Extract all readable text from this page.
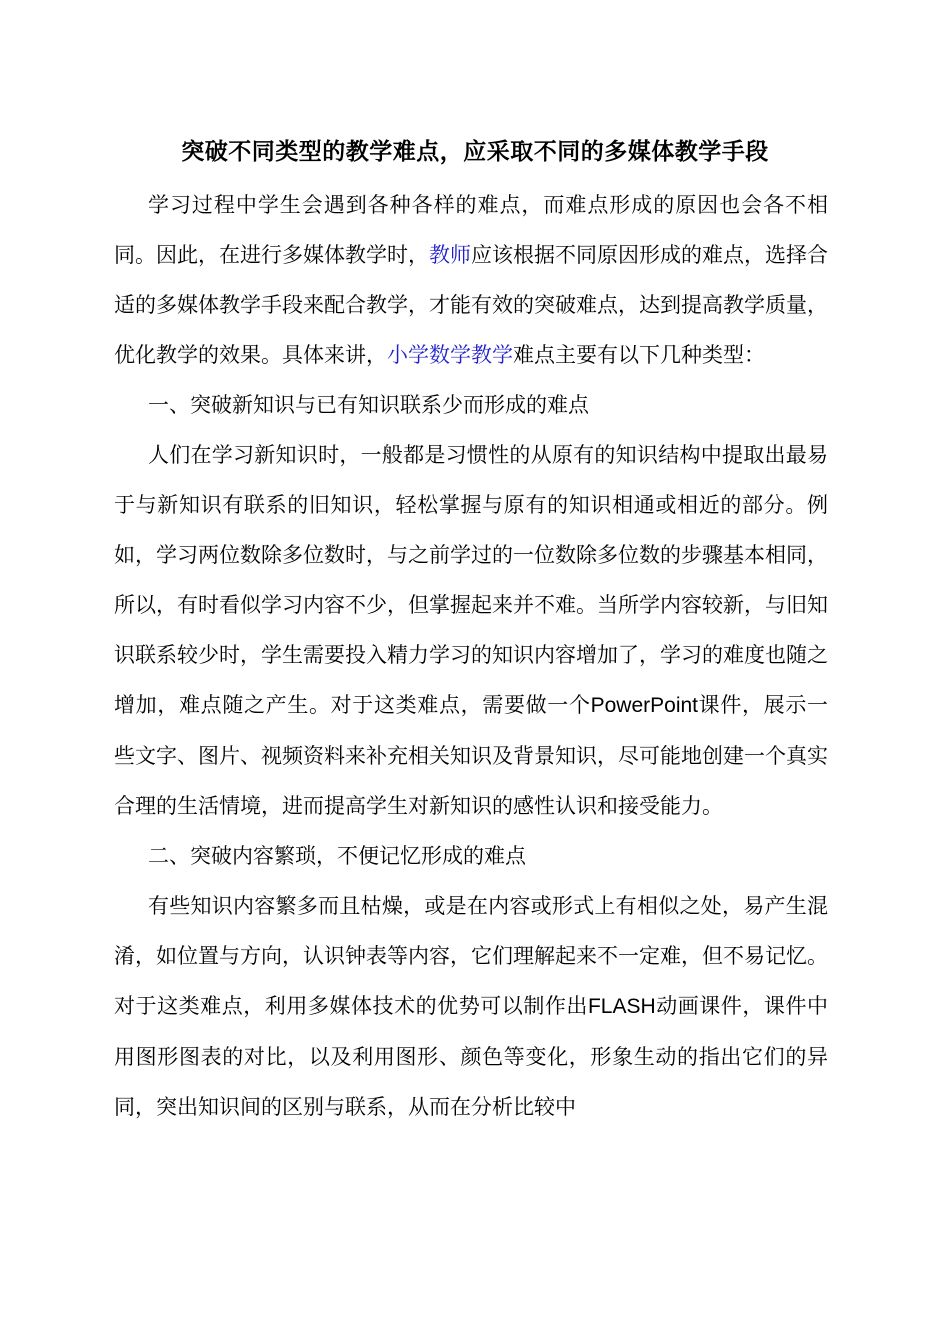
突破不同类型的教学难点，应采取不同的多媒体教学手段

学习过程中学生会遇到各种各样的难点，而难点形成的原因也会各不相同。因此，在进行多媒体教学时，教师应该根据不同原因形成的难点，选择合适的多媒体教学手段来配合教学，才能有效的突破难点，达到提高教学质量，优化教学的效果。具体来讲，小学数学教学难点主要有以下几种类型：

一、突破新知识与已有知识联系少而形成的难点

人们在学习新知识时，一般都是习惯性的从原有的知识结构中提取出最易于与新知识有联系的旧知识，轻松掌握与原有的知识相通或相近的部分。例如，学习两位数除多位数时，与之前学过的一位数除多位数的步骤基本相同，所以，有时看似学习内容不少，但掌握起来并不难。当所学内容较新，与旧知识联系较少时，学生需要投入精力学习的知识内容增加了，学习的难度也随之增加，难点随之产生。对于这类难点，需要做一个PowerPoint课件，展示一些文字、图片、视频资料来补充相关知识及背景知识，尽可能地创建一个真实合理的生活情境，进而提高学生对新知识的感性认识和接受能力。

二、突破内容繁琐，不便记忆形成的难点

有些知识内容繁多而且枯燥，或是在内容或形式上有相似之处，易产生混淆，如位置与方向，认识钟表等内容，它们理解起来不一定难，但不易记忆。对于这类难点，利用多媒体技术的优势可以制作出FLASH动画课件，课件中用图形图表的对比，以及利用图形、颜色等变化，形象生动的指出它们的异同，突出知识间的区别与联系，从而在分析比较中
